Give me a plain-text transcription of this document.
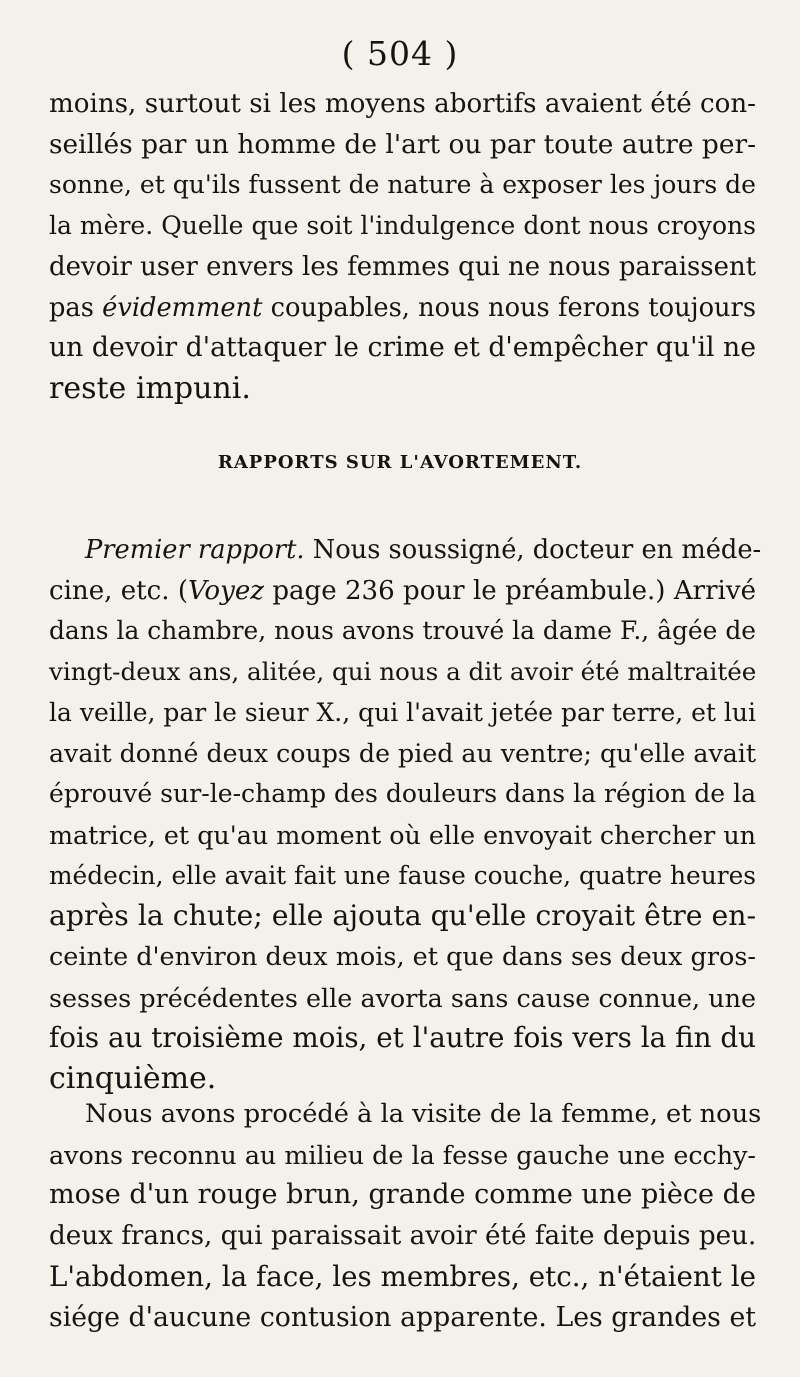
( 504 )
moins, surtout si les moyens abortifs avaient été con-
seillés par un homme de l'art ou par toute autre per-
sonne, et qu'ils fussent de nature à exposer les jours de
la mère. Quelle que soit l'indulgence dont nous croyons
devoir user envers les femmes qui ne nous paraissent
pas évidemment coupables, nous nous ferons toujours
un devoir d'attaquer le crime et d'empêcher qu'il ne
reste impuni.
RAPPORTS SUR L'AVORTEMENT.
Premier rapport. Nous soussigné, docteur en méde-
cine, etc. (Voyez page 236 pour le préambule.) Arrivé
dans la chambre, nous avons trouvé la dame F., âgée de
vingt-deux ans, alitée, qui nous a dit avoir été maltraitée
la veille, par le sieur X., qui l'avait jetée par terre, et lui
avait donné deux coups de pied au ventre; qu'elle avait
éprouvé sur-le-champ des douleurs dans la région de la
matrice, et qu'au moment où elle envoyait chercher un
médecin, elle avait fait une fause couche, quatre heures
après la chute; elle ajouta qu'elle croyait être en-
ceinte d'environ deux mois, et que dans ses deux gros-
sesses précédentes elle avorta sans cause connue, une
fois au troisième mois, et l'autre fois vers la fin du
cinquième.
Nous avons procédé à la visite de la femme, et nous
avons reconnu au milieu de la fesse gauche une ecchy-
mose d'un rouge brun, grande comme une pièce de
deux francs, qui paraissait avoir été faite depuis peu.
L'abdomen, la face, les membres, etc., n'étaient le
siége d'aucune contusion apparente. Les grandes et
